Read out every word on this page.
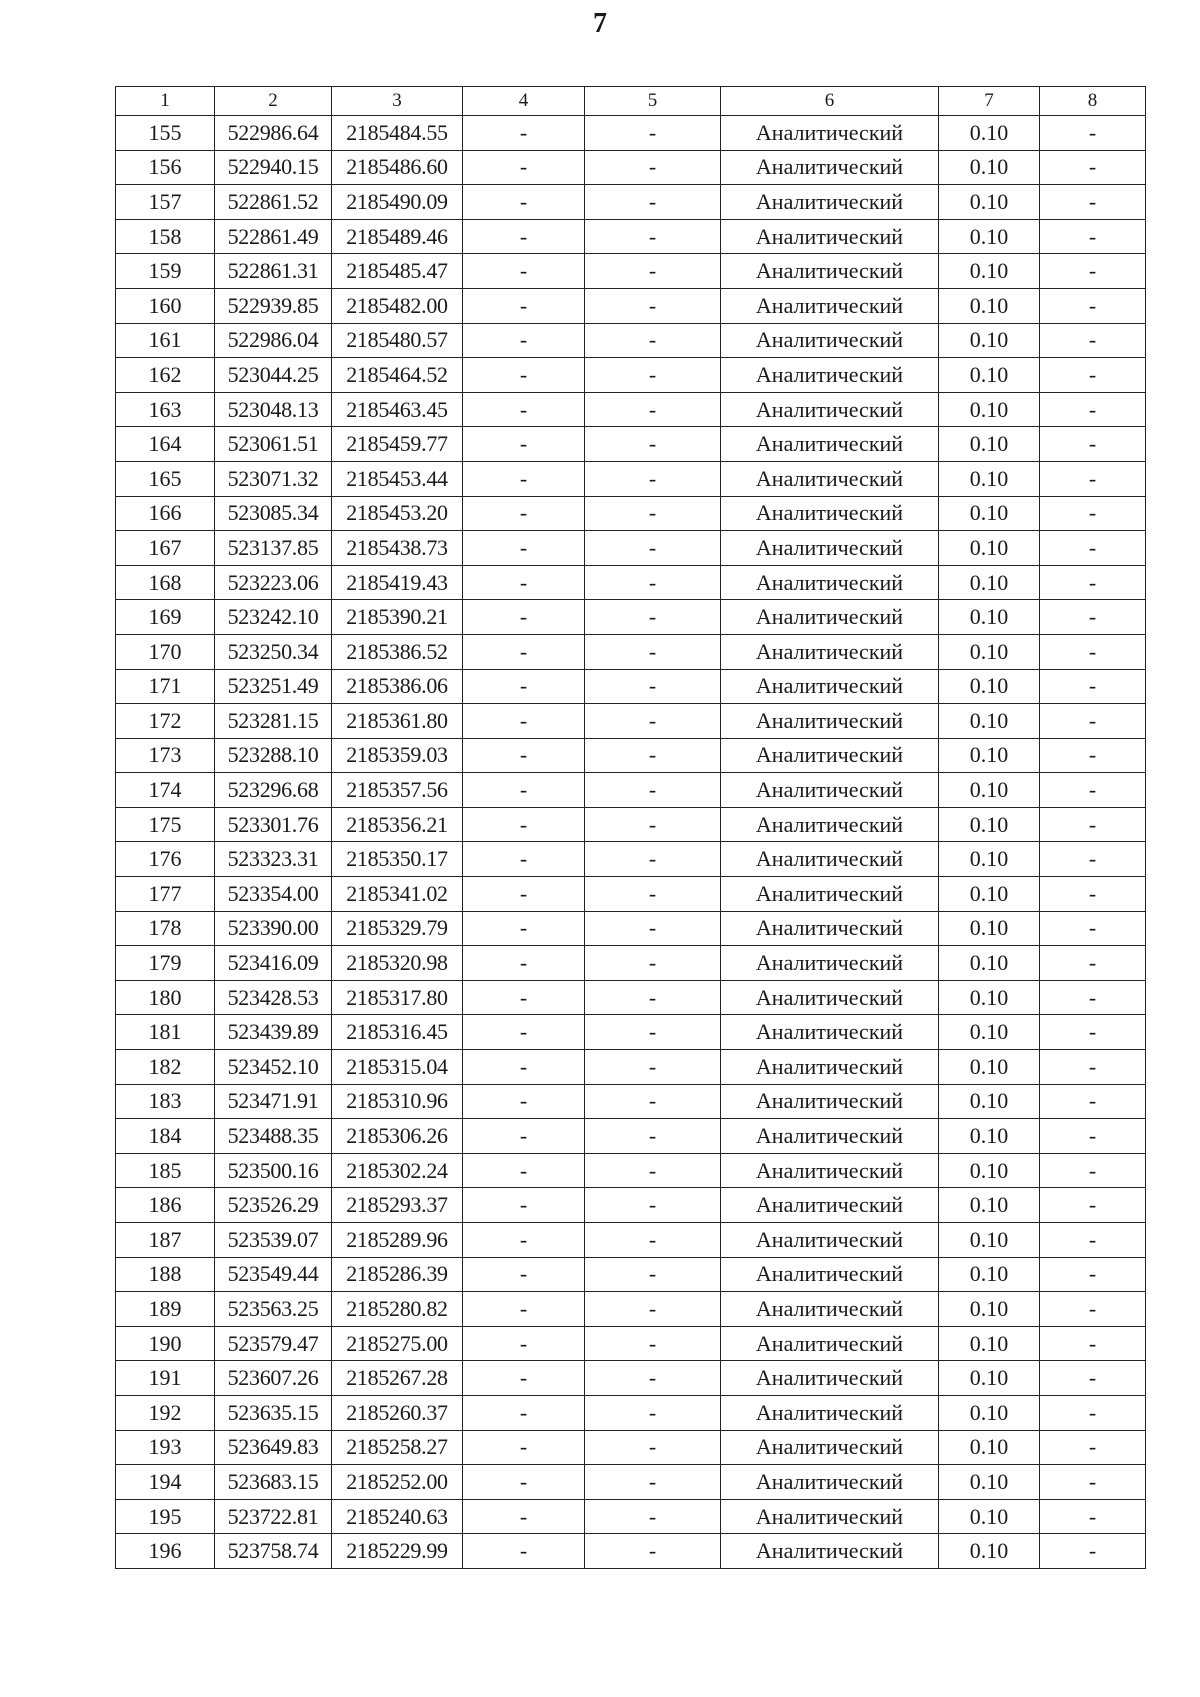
7
1	2	3	4	5	6	7	8
155	522986.64	2185484.55	-	-	Аналитический	0.10	-
156	522940.15	2185486.60	-	-	Аналитический	0.10	-
157	522861.52	2185490.09	-	-	Аналитический	0.10	-
158	522861.49	2185489.46	-	-	Аналитический	0.10	-
159	522861.31	2185485.47	-	-	Аналитический	0.10	-
160	522939.85	2185482.00	-	-	Аналитический	0.10	-
161	522986.04	2185480.57	-	-	Аналитический	0.10	-
162	523044.25	2185464.52	-	-	Аналитический	0.10	-
163	523048.13	2185463.45	-	-	Аналитический	0.10	-
164	523061.51	2185459.77	-	-	Аналитический	0.10	-
165	523071.32	2185453.44	-	-	Аналитический	0.10	-
166	523085.34	2185453.20	-	-	Аналитический	0.10	-
167	523137.85	2185438.73	-	-	Аналитический	0.10	-
168	523223.06	2185419.43	-	-	Аналитический	0.10	-
169	523242.10	2185390.21	-	-	Аналитический	0.10	-
170	523250.34	2185386.52	-	-	Аналитический	0.10	-
171	523251.49	2185386.06	-	-	Аналитический	0.10	-
172	523281.15	2185361.80	-	-	Аналитический	0.10	-
173	523288.10	2185359.03	-	-	Аналитический	0.10	-
174	523296.68	2185357.56	-	-	Аналитический	0.10	-
175	523301.76	2185356.21	-	-	Аналитический	0.10	-
176	523323.31	2185350.17	-	-	Аналитический	0.10	-
177	523354.00	2185341.02	-	-	Аналитический	0.10	-
178	523390.00	2185329.79	-	-	Аналитический	0.10	-
179	523416.09	2185320.98	-	-	Аналитический	0.10	-
180	523428.53	2185317.80	-	-	Аналитический	0.10	-
181	523439.89	2185316.45	-	-	Аналитический	0.10	-
182	523452.10	2185315.04	-	-	Аналитический	0.10	-
183	523471.91	2185310.96	-	-	Аналитический	0.10	-
184	523488.35	2185306.26	-	-	Аналитический	0.10	-
185	523500.16	2185302.24	-	-	Аналитический	0.10	-
186	523526.29	2185293.37	-	-	Аналитический	0.10	-
187	523539.07	2185289.96	-	-	Аналитический	0.10	-
188	523549.44	2185286.39	-	-	Аналитический	0.10	-
189	523563.25	2185280.82	-	-	Аналитический	0.10	-
190	523579.47	2185275.00	-	-	Аналитический	0.10	-
191	523607.26	2185267.28	-	-	Аналитический	0.10	-
192	523635.15	2185260.37	-	-	Аналитический	0.10	-
193	523649.83	2185258.27	-	-	Аналитический	0.10	-
194	523683.15	2185252.00	-	-	Аналитический	0.10	-
195	523722.81	2185240.63	-	-	Аналитический	0.10	-
196	523758.74	2185229.99	-	-	Аналитический	0.10	-
